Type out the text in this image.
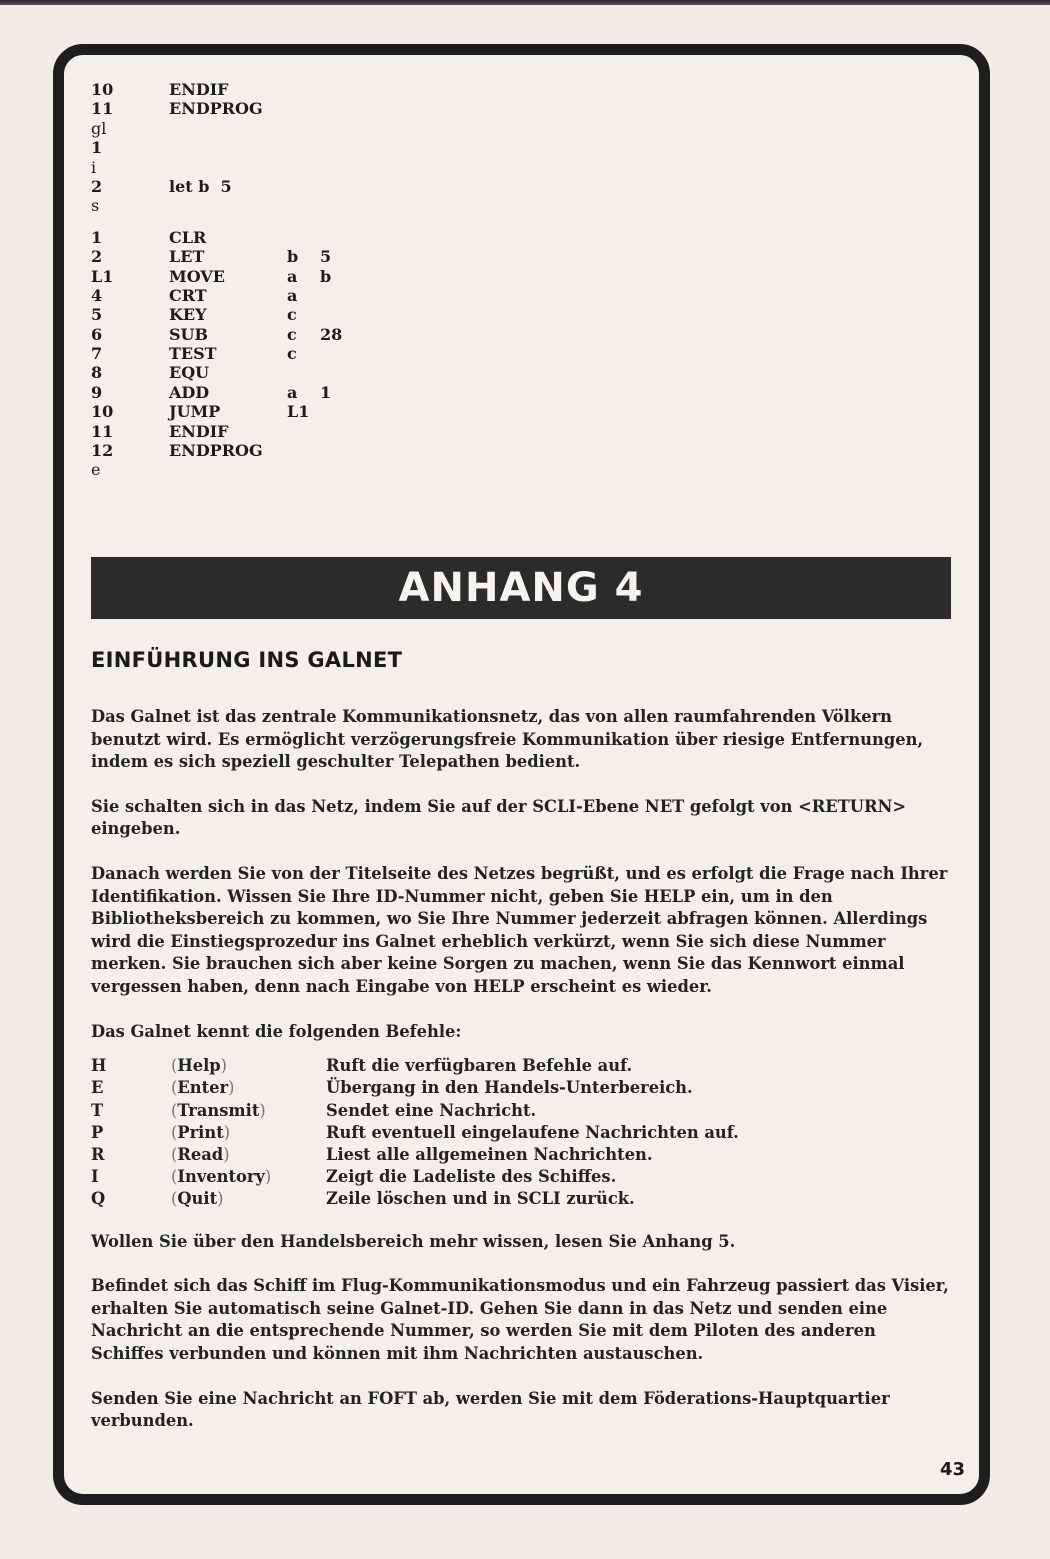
10	ENDIF
11	ENDPROG
gl
1
i
2	let b  5
s
1	CLR
2	LET	b 5
L1	MOVE	a b
4	CRT	a
5	KEY	c
6	SUB	c 28
7	TEST	c
8	EQU
9	ADD	a 1
10	JUMP	L1
11	ENDIF
12	ENDPROG
e
ANHANG 4
EINFÜHRUNG INS GALNET

Das Galnet ist das zentrale Kommunikationsnetz, das von allen raumfahrenden Völkern benutzt wird. Es ermöglicht verzögerungsfreie Kommunikation über riesige Entfernungen, indem es sich speziell geschulter Telepathen bedient.

Sie schalten sich in das Netz, indem Sie auf der SCLI-Ebene NET gefolgt von <RETURN> eingeben.

Danach werden Sie von der Titelseite des Netzes begrüßt, und es erfolgt die Frage nach Ihrer Identifikation. Wissen Sie Ihre ID-Nummer nicht, geben Sie HELP ein, um in den Bibliotheksbereich zu kommen, wo Sie Ihre Nummer jederzeit abfragen können. Allerdings wird die Einstiegsprozedur ins Galnet erheblich verkürzt, wenn Sie sich diese Nummer merken. Sie brauchen sich aber keine Sorgen zu machen, wenn Sie das Kennwort einmal vergessen haben, denn nach Eingabe von HELP erscheint es wieder.

Das Galnet kennt die folgenden Befehle:

H	(Help)	Ruft die verfügbaren Befehle auf.
E	(Enter)	Übergang in den Handels-Unterbereich.
T	(Transmit)	Sendet eine Nachricht.
P	(Print)	Ruft eventuell eingelaufene Nachrichten auf.
R	(Read)	Liest alle allgemeinen Nachrichten.
I	(Inventory)	Zeigt die Ladeliste des Schiffes.
Q	(Quit)	Zeile löschen und in SCLI zurück.

Wollen Sie über den Handelsbereich mehr wissen, lesen Sie Anhang 5.

Befindet sich das Schiff im Flug-Kommunikationsmodus und ein Fahrzeug passiert das Visier, erhalten Sie automatisch seine Galnet-ID. Gehen Sie dann in das Netz und senden eine Nachricht an die entsprechende Nummer, so werden Sie mit dem Piloten des anderen Schiffes verbunden und können mit ihm Nachrichten austauschen.

Senden Sie eine Nachricht an FOFT ab, werden Sie mit dem Föderations-Hauptquartier verbunden.

43
